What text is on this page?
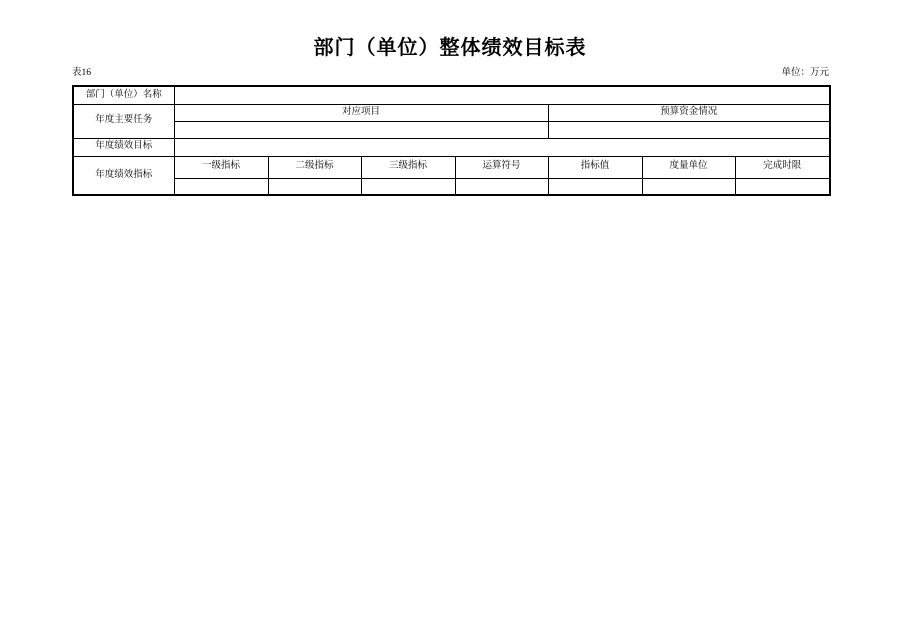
部门（单位）整体绩效目标表
表16	单位：万元
部门（单位）名称							
年度主要任务	对应项目				预算资金情况		

年度绩效目标							
年度绩效指标	一级指标	二级指标	三级指标	运算符号	指标值	度量单位	完成时限
